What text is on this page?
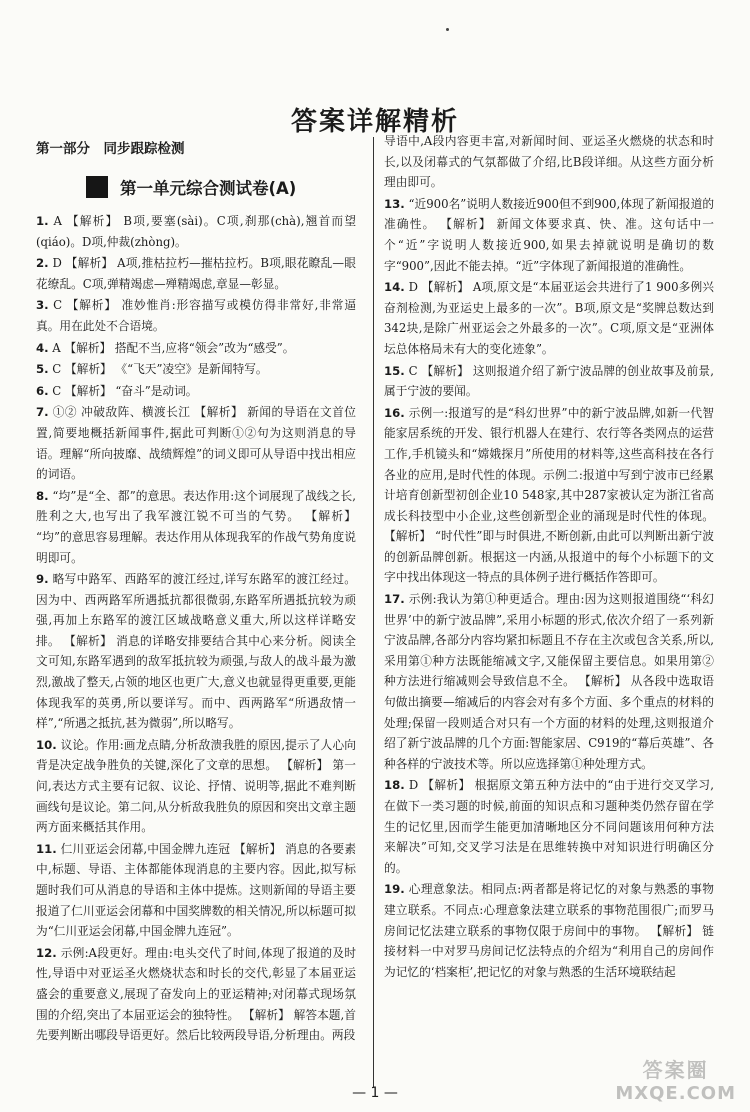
答案详解精析
第一部分　同步跟踪检测
第一单元综合测试卷(A)

1. A 【解析】 B项,要塞(sài)。C项,刹那(chà),翘首而望(qiáo)。D项,仲裁(zhòng)。

2. D 【解析】 A项,推枯拉朽—摧枯拉朽。B项,眼花瞭乱—眼花缭乱。C项,弹精竭虑—殚精竭虑,章显—彰显。

3. C 【解析】 准妙惟肖:形容描写或模仿得非常好,非常逼真。用在此处不合语境。

4. A 【解析】 搭配不当,应将“领会”改为“感受”。

5. C 【解析】 《“飞天”凌空》是新闻特写。

6. C 【解析】 “奋斗”是动词。

7. ①② 冲破敌阵、横渡长江 【解析】 新闻的导语在文首位置,简要地概括新闻事件,据此可判断①②句为这则消息的导语。理解“所向披靡、战绩辉煌”的词义即可从导语中找出相应的词语。

8. “均”是“全、都”的意思。表达作用:这个词展现了战线之长,胜利之大,也写出了我军渡江锐不可当的气势。 【解析】 “均”的意思容易理解。表达作用从体现我军的作战气势角度说明即可。

9. 略写中路军、西路军的渡江经过,详写东路军的渡江经过。因为中、西两路军所遇抵抗都很微弱,东路军所遇抵抗较为顽强,再加上东路军的渡江区域战略意义重大,所以这样详略安排。 【解析】 消息的详略安排要结合其中心来分析。阅读全文可知,东路军遇到的敌军抵抗较为顽强,与敌人的战斗最为激烈,激战了整天,占领的地区也更广大,意义也就显得更重要,更能体现我军的英勇,所以要详写。而中、西两路军“所遇敌情一样”,“所遇之抵抗,甚为微弱”,所以略写。

10. 议论。作用:画龙点睛,分析敌溃我胜的原因,提示了人心向背是决定战争胜负的关键,深化了文章的思想。 【解析】 第一问,表达方式主要有记叙、议论、抒情、说明等,据此不难判断画线句是议论。第二问,从分析敌我胜负的原因和突出文章主题两方面来概括其作用。

11. 仁川亚运会闭幕,中国金牌九连冠 【解析】 消息的各要素中,标题、导语、主体都能体现消息的主要内容。因此,拟写标题时我们可从消息的导语和主体中提炼。这则新闻的导语主要报道了仁川亚运会闭幕和中国奖牌数的相关情况,所以标题可拟为“仁川亚运会闭幕,中国金牌九连冠”。

12. 示例:A段更好。理由:电头交代了时间,体现了报道的及时性,导语中对亚运圣火燃烧状态和时长的交代,彰显了本届亚运盛会的重要意义,展现了奋发向上的亚运精神;对闭幕式现场氛围的介绍,突出了本届亚运会的独特性。 【解析】 解答本题,首先要判断出哪段导语更好。然后比较两段导语,分析理由。两段

导语中,A段内容更丰富,对新闻时间、亚运圣火燃烧的状态和时长,以及闭幕式的气氛都做了介绍,比B段详细。从这些方面分析理由即可。

13. “近900名”说明人数接近900但不到900,体现了新闻报道的准确性。 【解析】 新闻文体要求真、快、准。这句话中一个“近”字说明人数接近900,如果去掉就说明是确切的数字“900”,因此不能去掉。“近”字体现了新闻报道的准确性。

14. D 【解析】 A项,原文是“本届亚运会共进行了1 900多例兴奋剂检测,为亚运史上最多的一次”。B项,原文是“奖牌总数达到342块,是除广州亚运会之外最多的一次”。C项,原文是“亚洲体坛总体格局未有大的变化迹象”。

15. C 【解析】 这则报道介绍了新宁波品牌的创业故事及前景,属于宁波的要闻。

16. 示例一:报道写的是“科幻世界”中的新宁波品牌,如新一代智能家居系统的开发、银行机器人在建行、农行等各类网点的运营工作,手机镜头和“嫦娥探月”所使用的材料等,这些高科技在各行各业的应用,是时代性的体现。示例二:报道中写到宁波市已经累计培育创新型初创企业10 548家,其中287家被认定为浙江省高成长科技型中小企业,这些创新型企业的涌现是时代性的体现。 【解析】 “时代性”即与时俱进,不断创新,由此可以判断出新宁波的创新品牌创新。根据这一内涵,从报道中的每个小标题下的文字中找出体现这一特点的具体例子进行概括作答即可。

17. 示例:我认为第①种更适合。理由:因为这则报道围绕“‘科幻世界’中的新宁波品牌”,采用小标题的形式,依次介绍了一系列新宁波品牌,各部分内容均紧扣标题且不存在主次或包含关系,所以,采用第①种方法既能缩减文字,又能保留主要信息。如果用第②种方法进行缩减则会导致信息不全。 【解析】 从各段中选取语句做出摘要—缩减后的内容会对有多个方面、多个重点的材料的处理;保留一段则适合对只有一个方面的材料的处理,这则报道介绍了新宁波品牌的几个方面:智能家居、C919的“幕后英雄”、各种各样的宁波技术等。所以应选择第①种处理方式。

18. D 【解析】 根据原文第五种方法中的“由于进行交叉学习,在做下一类习题的时候,前面的知识点和习题种类仍然存留在学生的记忆里,因而学生能更加清晰地区分不同问题该用何种方法来解决”可知,交叉学习法是在思维转换中对知识进行明确区分的。

19. 心理意象法。相同点:两者都是将记忆的对象与熟悉的事物建立联系。不同点:心理意象法建立联系的事物范围很广;而罗马房间记忆法建立联系的事物仅限于房间中的事物。 【解析】 链接材料一中对罗马房间记忆法特点的介绍为“利用自己的房间作为记忆的‘档案柜’,把记忆的对象与熟悉的生活环境联结起

— 1 —
答案圈
MXQE.COM
